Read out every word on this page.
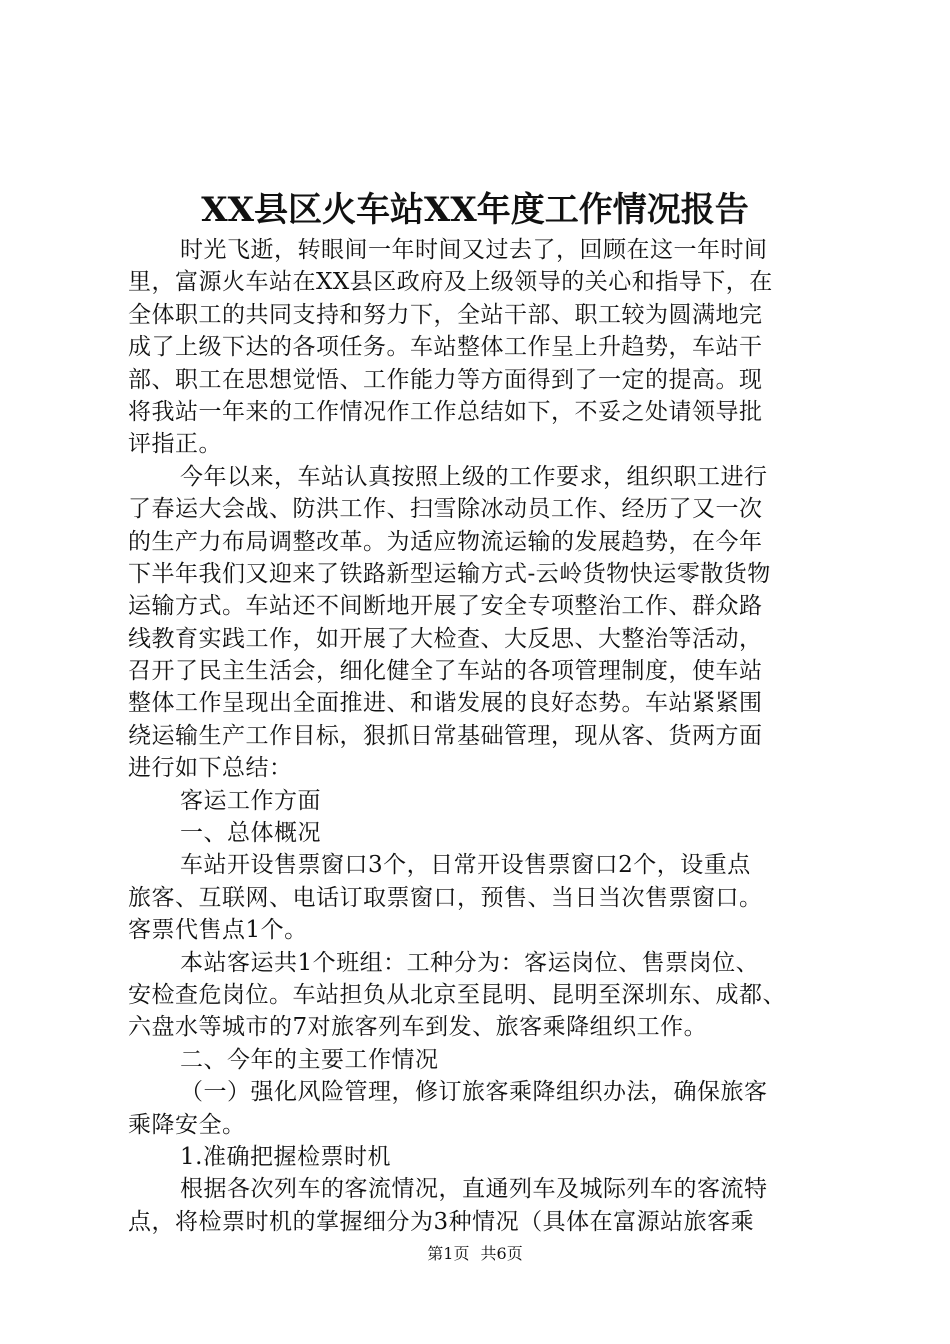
XX县区火车站XX年度工作情况报告
时光飞逝，转眼间一年时间又过去了，回顾在这一年时间
里，富源火车站在XX县区政府及上级领导的关心和指导下，在
全体职工的共同支持和努力下，全站干部、职工较为圆满地完
成了上级下达的各项任务。车站整体工作呈上升趋势，车站干
部、职工在思想觉悟、工作能力等方面得到了一定的提高。现
将我站一年来的工作情况作工作总结如下，不妥之处请领导批
评指正。
今年以来，车站认真按照上级的工作要求，组织职工进行
了春运大会战、防洪工作、扫雪除冰动员工作、经历了又一次
的生产力布局调整改革。为适应物流运输的发展趋势，在今年
下半年我们又迎来了铁路新型运输方式-云岭货物快运零散货物
运输方式。车站还不间断地开展了安全专项整治工作、群众路
线教育实践工作，如开展了大检查、大反思、大整治等活动，
召开了民主生活会，细化健全了车站的各项管理制度，使车站
整体工作呈现出全面推进、和谐发展的良好态势。车站紧紧围
绕运输生产工作目标，狠抓日常基础管理，现从客、货两方面
进行如下总结：
客运工作方面
一、总体概况
车站开设售票窗口3个，日常开设售票窗口2个，设重点
旅客、互联网、电话订取票窗口，预售、当日当次售票窗口。
客票代售点1个。
本站客运共1个班组：工种分为：客运岗位、售票岗位、
安检查危岗位。车站担负从北京至昆明、昆明至深圳东、成都、
六盘水等城市的7对旅客列车到发、旅客乘降组织工作。
二、今年的主要工作情况
（一）强化风险管理，修订旅客乘降组织办法，确保旅客
乘降安全。
1.准确把握检票时机
根据各次列车的客流情况，直通列车及城际列车的客流特
点，将检票时机的掌握细分为3种情况（具体在富源站旅客乘
第1页 共6页
